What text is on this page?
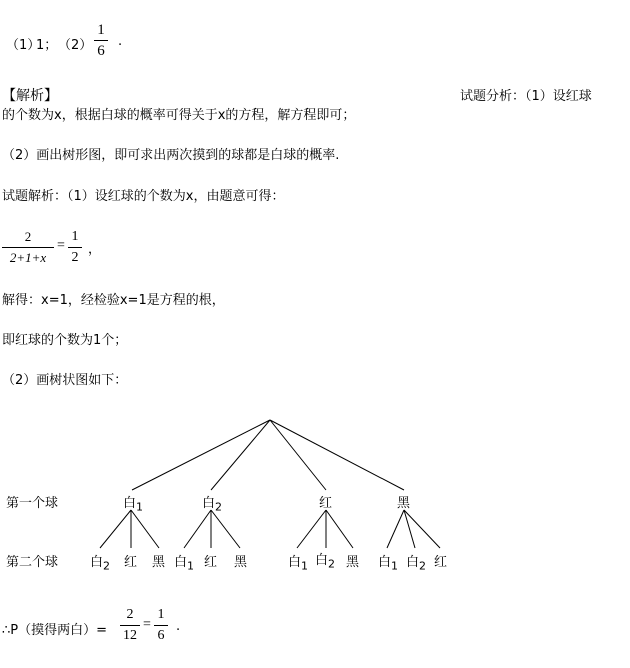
（1）
1； （2）
1
6
.
【解析】	试题分析：（1）设红球
的个数为x，根据白球的概率可得关于x的方程，解方程即可；
（2）画出树形图，即可求出两次摸到的球都是白球的概率.
试题解析：（1）设红球的个数为x，由题意可得：
2
2+1+x
=
1
2
，
解得：x=1，经检验x=1是方程的根，
即红球的个数为1个；
（2）画树状图如下：
第一个球
第二个球
白$_1$	白$_2$	红	黑
白$_2$ 红 黑 白$_1$ 红 黑	白$_1$ 白$_2$ 黑 白$_1$ 白$_2$ 红
∴P（摸得两白）=
2
12
=
1
6
.
